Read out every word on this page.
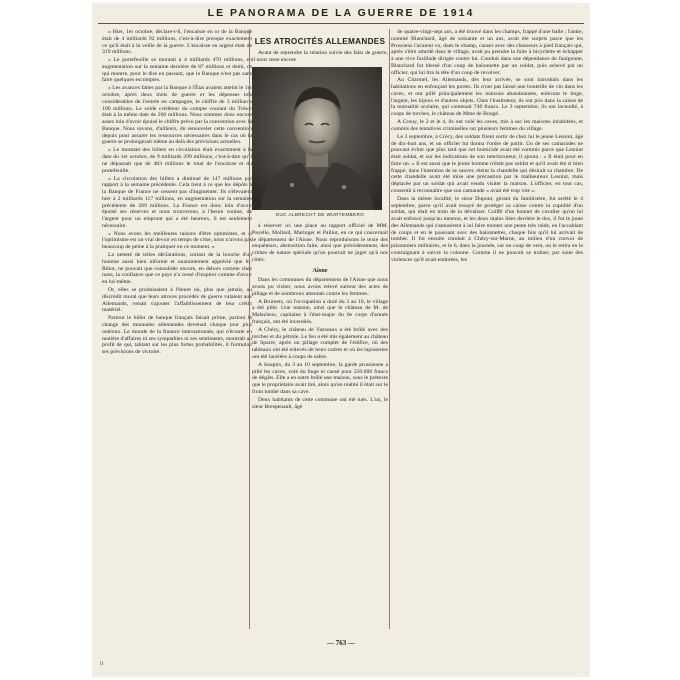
LE PANORAMA DE LA GUERRE DE 1914

« Hier, 1er octobre, déclare-t-il, l'encaisse en or de la Banque était de 4 milliards 92 millions, c'est-à-dire presque exactement ce qu'il était à la veille de la guerre. L'encaisse en argent était de 319 millions.

« Le portefeuille se montait à 4 milliards 470 millions, en augmentation sur la semaine dernière de 87 millions et demi, ce qui montre, pour le dire en passant, que la Banque n'est pas sans faire quelques escomptes.

« Les avances faites par la Banque à l'État avaient atteint le 1er octobre, après deux mois de guerre et les dépenses très considérables de l'entrée en campagne, le chiffre de 3 milliards 100 millions. Le solde créditeur du compte courant du Trésor était à la même date de 206 millions. Nous sommes donc encore assez loin d'avoir épuisé le chiffre prévu par la convention avec la Banque. Nous savons, d'ailleurs, du renouveler cette convention depuis pour assurer les ressources nécessaires dans le cas où la guerre se prolongerait même au delà des prévisions actuelles.

« Le montant des billets en circulation était exactement à la date du 1er octobre, de 9 milliards 299 millions, c'est-à-dire qu'il ne dépassait que de 483 millions le total de l'encaisse et du portefeuille.

« La circulation des billets a diminué de 147 millions par rapport à la semaine précédente. Cela tient à ce que les dépôts à la Banque de France ne cessent pas d'augmenter. Ils s'élevaient hier à 2 milliards 117 millions, en augmentation sur la semaine précédente de 209 millions. La France est donc loin d'avoir épuisé ses réserves et nous trouverons, à l'heure voulue, de l'argent pour un emprunt qui a été heureux, il est seulement nécessaire.

« Nous avons les meilleures raisons d'être optimistes, et si l'optimisme est un vrai devoir en temps de crise, nous n'avons pas beaucoup de peine à la pratiquer en ce moment. »

La netteté de telles déclarations, sortant de la bouche d'un homme aussi bien informé et unanimement apprécié que M. Ribot, ne pouvait que consolider encore, en dehors comme chez nous, la confiance que ce pays n'a cessé d'inspirer comme d'avoir en lui-même.

Or, elles se produisaient à l'heure où, plus que jamais, au discrédit moral que leurs atroces procédés de guerre valaient aux Allemands, venait s'ajouter l'affaiblissement de leur crédit matériel.

Partout le billet de banque français faisait prime, partout le change des monnaies allemandes devenait chaque jour plus onéreux. Le monde de la finance internationale, qui n'écoute en matière d'affaires ni ses sympathies ni ses sentiments, montrait au profit de qui, tablant sur les plus fortes probabilités, il formulait ses prévisions de victoire.

LES ATROCITÉS ALLEMANDES

Avant de reprendre la relation suivie des faits de guerre, il nous reste encore

DUC ALBRECHT DE WURTEMBERG

à réserver ici une place au rapport officiel de MM. Payelle, Mollard, Maringer et Paillot, en ce qui concernait le département de l'Aisne. Nous reproduisons le texte des enquêteurs, abstraction faite, ainsi que précédemment, des crimes de nature spéciale qu'on pourrait ne juger qu'à nos côtés.

Aisne

Dans les communes du département de l'Aisne que nous avons pu visiter, nous avons relevé surtout des actes de pillage et de nombreux attentats contre les femmes.

A Brumetz, où l'occupation a duré du 3 au 10, le village a été pillé. Une maison, ainsi que le château de M. de Malezieux, capitaine à l'état-major du 6e corps d'armée français, ont été incendiés.

A Chézy, le château de Vasseaux a été brûlé avec des torches et du pétrole. Le feu a été mis également au château de Sparre, après un pillage complet de l'édifice, où des tableaux ont été enlevés de leurs cadres et où les tapisseries ont été lacérées à coups de sabre.

A Soupirs, du 3 au 10 septembre, la garde prussienne a pillé les caves, volé du linge et causé pour 250.000 francs de dégâts. Elle a en outre brûlé une maison, sous le prétexte que le propriétaire avait tiré, alors qu'en réalité il était sur le front tombé dans sa cave.

Deux habitants de cette commune ont été tués. L'un, le sieur Brespenault, âgé

de quatre-vingt-sept ans, a été trouvé dans les champs, frappé d'une balle ; l'autre, nommé Blanchard, âgé de soixante et un ans, avait été surpris parce que les Prussiens l'avaient vu, dans le champ, causer avec des chasseurs à pied français qui, après s'être attardé dans le village, avait pu prendre la fuite à bicyclette et échapper à une vive fusillade dirigée contre lui. Conduit dans une dépendance de Jaulgonne, Blanchard fut blessé d'un coup de baïonnette par un soldat, puis achevé par un officier, qui lui tira la tête d'un coup de revolver.

Au Charmel, les Allemands, dès leur arrivée, se sont introduits dans les habitations en enfonçant les portes. Ils n'ont pas laissé une bouteille de vin dans les caves, et ont pillé principalement les maisons abandonnées, enlevant le linge, l'argent, les bijoux et d'autres objets. Chez l'instituteur, ils ont pris dans la caisse de la mutualité scolaire, qui contenait 740 francs. Le 3 septembre, ils ont incendié, à coups de torches, le château de Mme de Bougé.

A Crouy, le 2 et le 4, ils ont volé les caves, mis à sac les maisons inhabitées, et commis des tentatives criminelles sur plusieurs femmes du village.

Le 3 septembre, à Crécy, des soldats firent sortir de chez lui le jeune Lesniut, âgé de dix-huit ans, et un officier lui donna l'ordre de partir. Un de ses camarades ne pouvant éviter que plus tard que cet homicide avait été commis parce que Lesniut était soldat, et sur les indications de son interlocuteur, il ajouta : « Il était pour en faire un. » Il est aussi que le jeune homme n'était pas soldat et qu'il avait été si bien frappé, dans l'intention de se sauver, éteint la chandelle qui désirait sa chambre. De cette chandelle avait été mise une précaution par le malheureux Lesniut, mais déplacée par un soldat qui avait vendu visiter la maison. L'officier, en tout cas, consentit à reconnaître que son camarade « avait été trop vite ».

Dans la même localité, le sieur Dupont, gérant du familistère, fut arrêté le 4 septembre, parce qu'il avait essayé de protéger sa caisse contre la cupidité d'un soldat, qui était en train de la dévaliser. Coiffé d'un bonnet de cavalier qu'on lui avait enfoncé jusqu'au menton, et les deux mains liées derrière le dos, il fut le jouet des Allemands qui s'amusèrent à lui faire monter une pente très raide, en l'accablant de coups et en le poussant avec des baïonnettes, chaque fois qu'il lui arrivait de tomber. Il fut ensuite conduit à Chézy-sur-Marne, au milieu d'un convoi de prisonniers militaires, et le 6, dans la journée, sur un coup de vent, on le retira en le contraignant à suivre la colonne. Comme il ne pouvait se traîner, par suite des violences qu'il avait endurées, les

— 763 —
II
